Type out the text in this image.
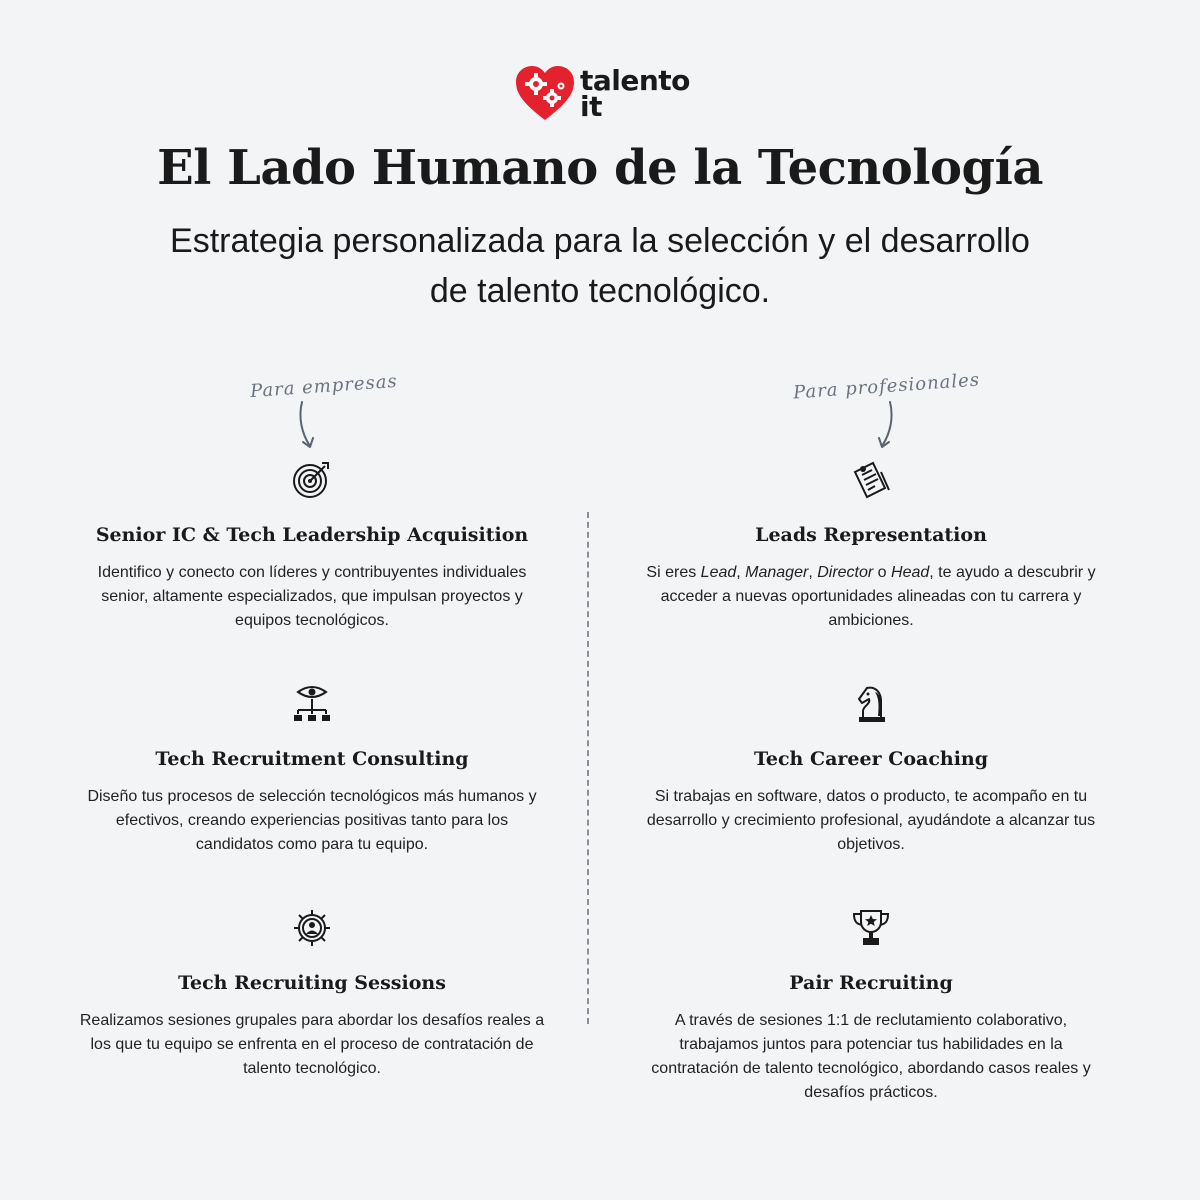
talento
it
El Lado Humano de la Tecnología

Estrategia personalizada para la selección y el desarrollo de talento tecnológico.

Para empresas	Para profesionales
Senior IC & Tech Leadership Acquisition

Identifico y conecto con líderes y contribuyentes individuales senior, altamente especializados, que impulsan proyectos y equipos tecnológicos.

Tech Recruitment Consulting

Diseño tus procesos de selección tecnológicos más humanos y efectivos, creando experiencias positivas tanto para los candidatos como para tu equipo.

Tech Recruiting Sessions

Realizamos sesiones grupales para abordar los desafíos reales a los que tu equipo se enfrenta en el proceso de contratación de talento tecnológico.

Leads Representation

Si eres Lead, Manager, Director o Head, te ayudo a descubrir y acceder a nuevas oportunidades alineadas con tu carrera y ambiciones.

Tech Career Coaching

Si trabajas en software, datos o producto, te acompaño en tu desarrollo y crecimiento profesional, ayudándote a alcanzar tus objetivos.

Pair Recruiting

A través de sesiones 1:1 de reclutamiento colaborativo, trabajamos juntos para potenciar tus habilidades en la contratación de talento tecnológico, abordando casos reales y desafíos prácticos.
